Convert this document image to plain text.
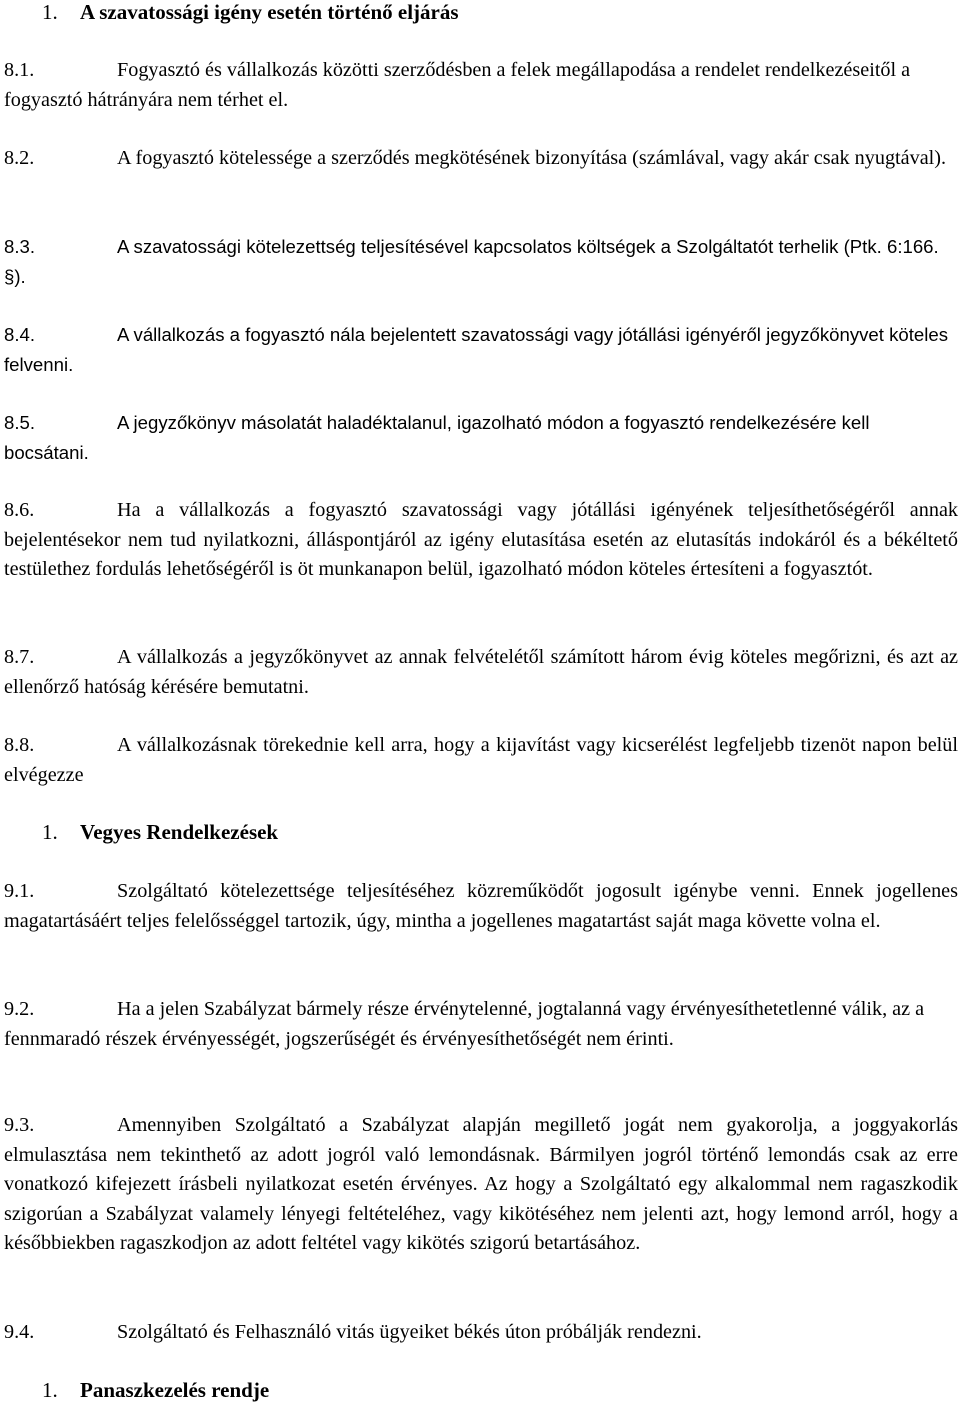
1. A szavatossági igény esetén történő eljárás
8.1.	Fogyasztó és vállalkozás közötti szerződésben a felek megállapodása a rendelet rendelkezéseitől a fogyasztó hátrányára nem térhet el.
8.2.	A fogyasztó kötelessége a szerződés megkötésének bizonyítása (számlával, vagy akár csak nyugtával).
8.3.	A szavatossági kötelezettség teljesítésével kapcsolatos költségek a Szolgáltatót terhelik (Ptk. 6:166. §).
8.4.	A vállalkozás a fogyasztó nála bejelentett szavatossági vagy jótállási igényéről jegyzőkönyvet köteles felvenni.
8.5.	A jegyzőkönyv másolatát haladéktalanul, igazolható módon a fogyasztó rendelkezésére kell bocsátani.
8.6.	Ha a vállalkozás a fogyasztó szavatossági vagy jótállási igényének teljesíthetőségéről annak bejelentésekor nem tud nyilatkozni, álláspontjáról az igény elutasítása esetén az elutasítás indokáról és a békéltető testülethez fordulás lehetőségéről is öt munkanapon belül, igazolható módon köteles értesíteni a fogyasztót.
8.7.	A vállalkozás a jegyzőkönyvet az annak felvételétől számított három évig köteles megőrizni, és azt az ellenőrző hatóság kérésére bemutatni.
8.8.	A vállalkozásnak törekednie kell arra, hogy a kijavítást vagy kicserélést legfeljebb tizenöt napon belül elvégezze
1. Vegyes Rendelkezések
9.1.	Szolgáltató kötelezettsége teljesítéséhez közreműködőt jogosult igénybe venni. Ennek jogellenes magatartásáért teljes felelősséggel tartozik, úgy, mintha a jogellenes magatartást saját maga követte volna el.
9.2.	Ha a jelen Szabályzat bármely része érvénytelenné, jogtalanná vagy érvényesíthetetlenné válik, az a fennmaradó részek érvényességét, jogszerűségét és érvényesíthetőségét nem érinti.
9.3.	Amennyiben Szolgáltató a Szabályzat alapján megillető jogát nem gyakorolja, a joggyakorlás elmulasztása nem tekinthető az adott jogról való lemondásnak. Bármilyen jogról történő lemondás csak az erre vonatkozó kifejezett írásbeli nyilatkozat esetén érvényes. Az hogy a Szolgáltató egy alkalommal nem ragaszkodik szigorúan a Szabályzat valamely lényegi feltételéhez, vagy kikötéséhez nem jelenti azt, hogy lemond arról, hogy a későbbiekben ragaszkodjon az adott feltétel vagy kikötés szigorú betartásához.
9.4.	Szolgáltató és Felhasználó vitás ügyeiket békés úton próbálják rendezni.
1. Panaszkezelés rendje
